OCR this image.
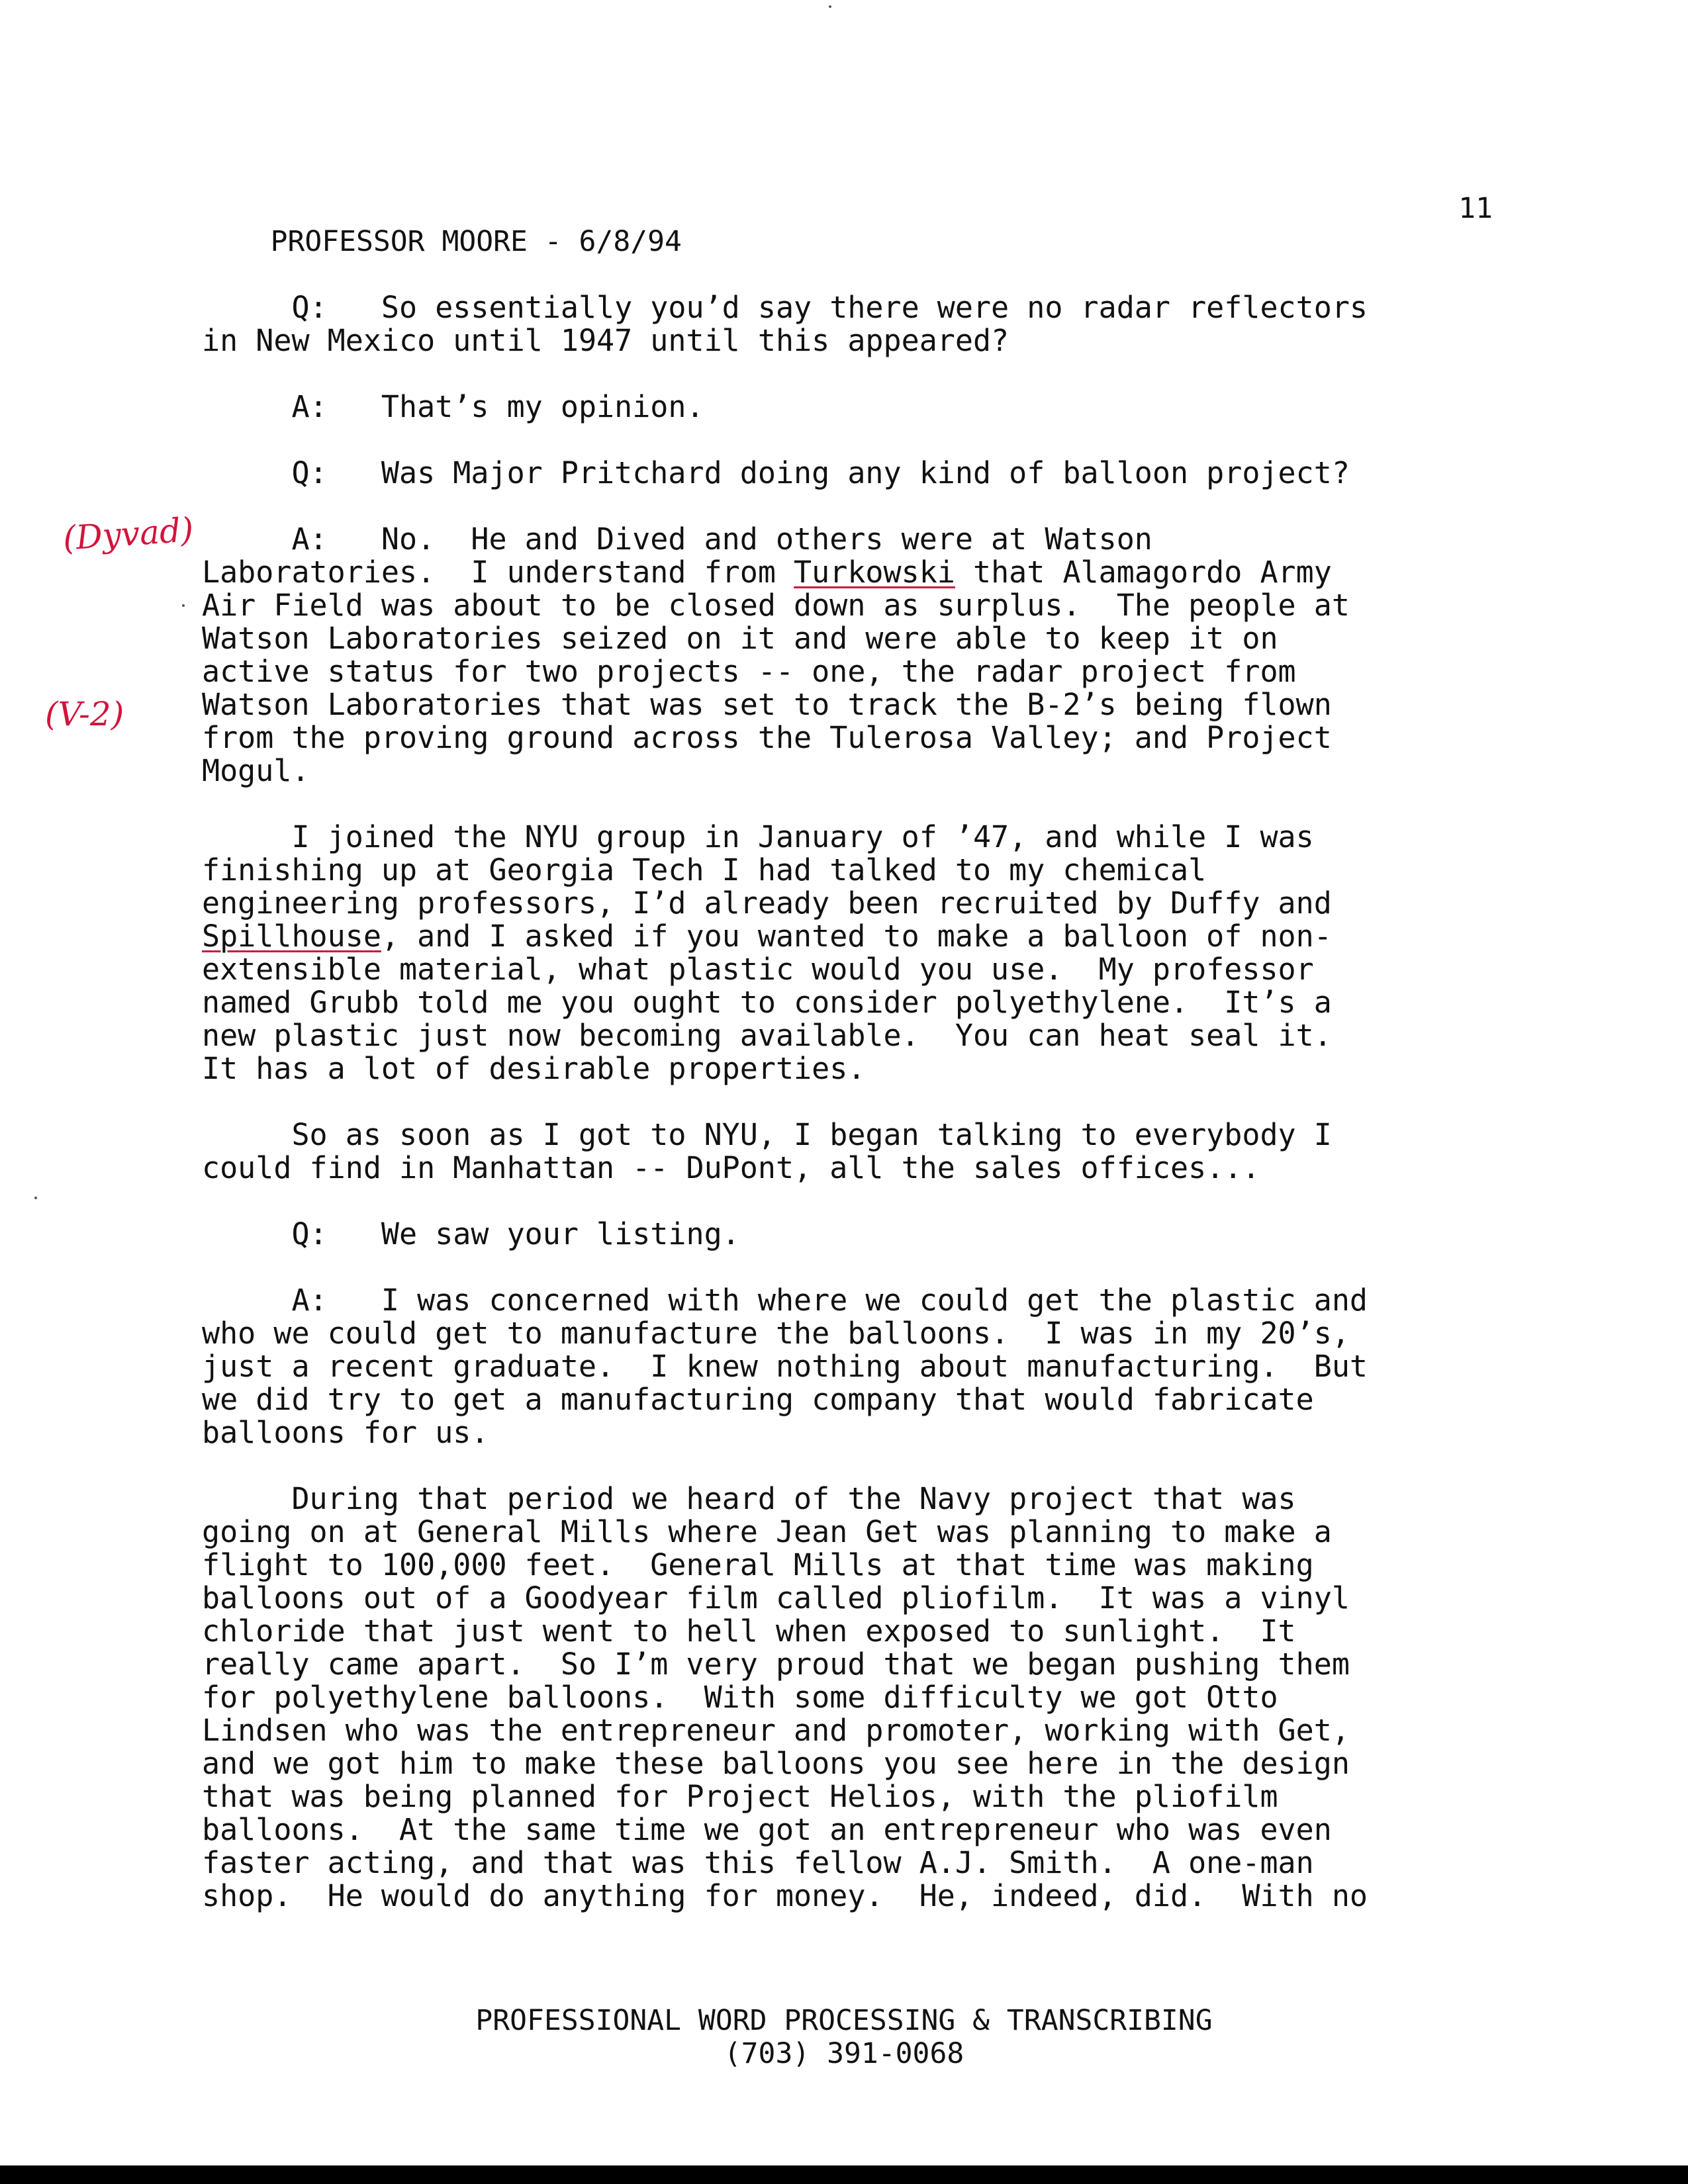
PROFESSOR MOORE - 6/8/94

11

(Dyvad)
(V-2)
Q:   So essentially you’d say there were no radar reflectors
in New Mexico until 1947 until this appeared?
A:   That’s my opinion.
Q:   Was Major Pritchard doing any kind of balloon project?
A:   No.  He and Dived and others were at Watson
Laboratories.  I understand from Turkowski that Alamagordo Army
Air Field was about to be closed down as surplus.  The people at
Watson Laboratories seized on it and were able to keep it on
active status for two projects -- one, the radar project from
Watson Laboratories that was set to track the B-2’s being flown
from the proving ground across the Tulerosa Valley; and Project
Mogul.
I joined the NYU group in January of ’47, and while I was
finishing up at Georgia Tech I had talked to my chemical
engineering professors, I’d already been recruited by Duffy and
Spillhouse, and I asked if you wanted to make a balloon of non-
extensible material, what plastic would you use.  My professor
named Grubb told me you ought to consider polyethylene.  It’s a
new plastic just now becoming available.  You can heat seal it.
It has a lot of desirable properties.
So as soon as I got to NYU, I began talking to everybody I
could find in Manhattan -- DuPont, all the sales offices...
Q:   We saw your listing.
A:   I was concerned with where we could get the plastic and
who we could get to manufacture the balloons.  I was in my 20’s,
just a recent graduate.  I knew nothing about manufacturing.  But
we did try to get a manufacturing company that would fabricate
balloons for us.
During that period we heard of the Navy project that was
going on at General Mills where Jean Get was planning to make a
flight to 100,000 feet.  General Mills at that time was making
balloons out of a Goodyear film called pliofilm.  It was a vinyl
chloride that just went to hell when exposed to sunlight.  It
really came apart.  So I’m very proud that we began pushing them
for polyethylene balloons.  With some difficulty we got Otto
Lindsen who was the entrepreneur and promoter, working with Get,
and we got him to make these balloons you see here in the design
that was being planned for Project Helios, with the pliofilm
balloons.  At the same time we got an entrepreneur who was even
faster acting, and that was this fellow A.J. Smith.  A one-man
shop.  He would do anything for money.  He, indeed, did.  With no
PROFESSIONAL WORD PROCESSING & TRANSCRIBING
(703) 391-0068
